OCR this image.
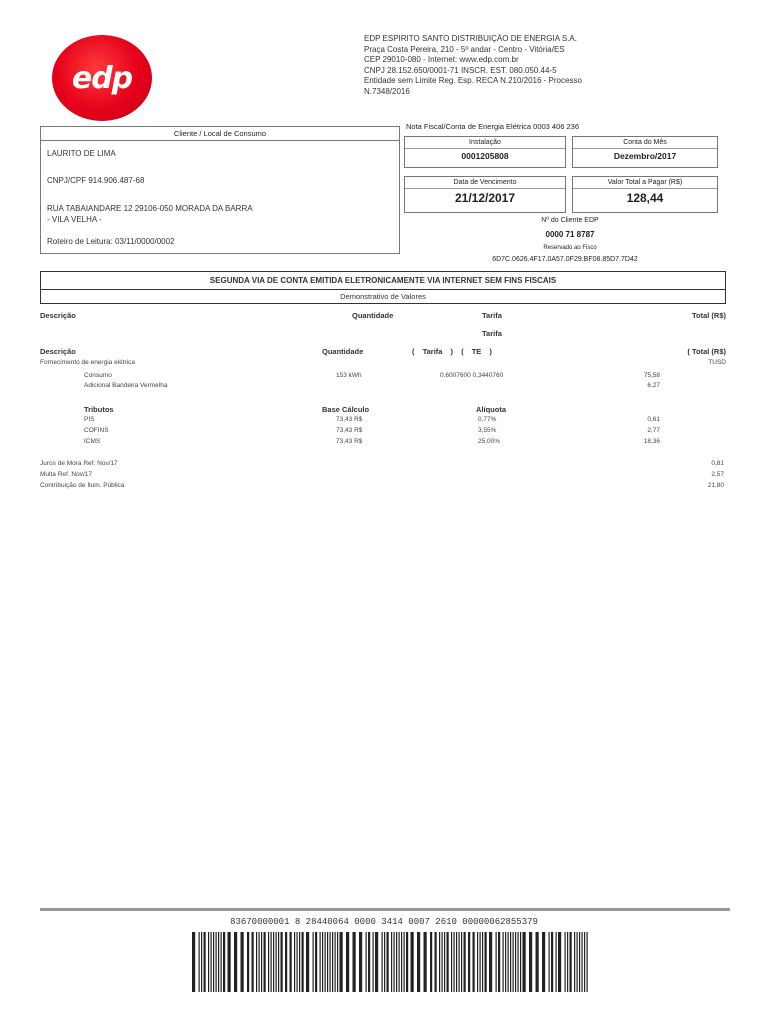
edp
EDP ESPIRITO SANTO DISTRIBUIÇÃO DE ENERGIA S.A.
Praça Costa Pereira, 210 - 5º andar - Centro - Vitória/ES
CEP 29010-080 - Internet: www.edp.com.br
CNPJ 28.152.650/0001-71 INSCR. EST. 080.050.44-5
Entidade sem Limite Reg. Esp. RECA N.210/2016 - Processo
N.7348/2016
Cliente / Local de Consumo
LAURITO DE LIMA
CNPJ/CPF 914.906.487-68
RUA TABAIANDARE 12 29106-050 MORADA DA BARRA
- VILA VELHA -
Roteiro de Leitura: 03/11/0000/0002
Nota Fiscal/Conta de Energia Elétrica 0003 406 236
Instalação
0001205808
Conta do Mês
Dezembro/2017
Data de Vencimento
21/12/2017
Valor Total a Pagar (R$)
128,44
Nº do Cliente EDP
0000 71 8787
Reservado ao Fisco
6D7C.0626.4F17.0A57.0F29.BF08.85D7.7D42
SEGUNDA VIA DE CONTA EMITIDA ELETRONICAMENTE VIA INTERNET SEM FINS FISCAIS
Demonstrativo de Valores
Descrição	Quantidade	Tarifa	Total (R$)
Tarifa
Descrição	Quantidade	( Tarifa ) ( TE )	( Total (R$)
Fornecimento de energia elétrica	TUSD
Consumo	153 kWh	0,6007600 0,3440760	75,58
Adicional Bandeira Vermelha	6,27
Tributos	Base Cálculo	Alíquota
PIS	73,43 R$	0,77%	0,61
COFINS	73,43 R$	3,55%	2,77
ICMS	73,43 R$	25,00%	18,36
Juros de Mora Ref. Nov/17	0,81
Multa Ref. Nov/17	2,57
Contribuição de Ilum. Pública	21,80
83670000001 8 28440064 0000 3414 0007 2610 00000062855379
